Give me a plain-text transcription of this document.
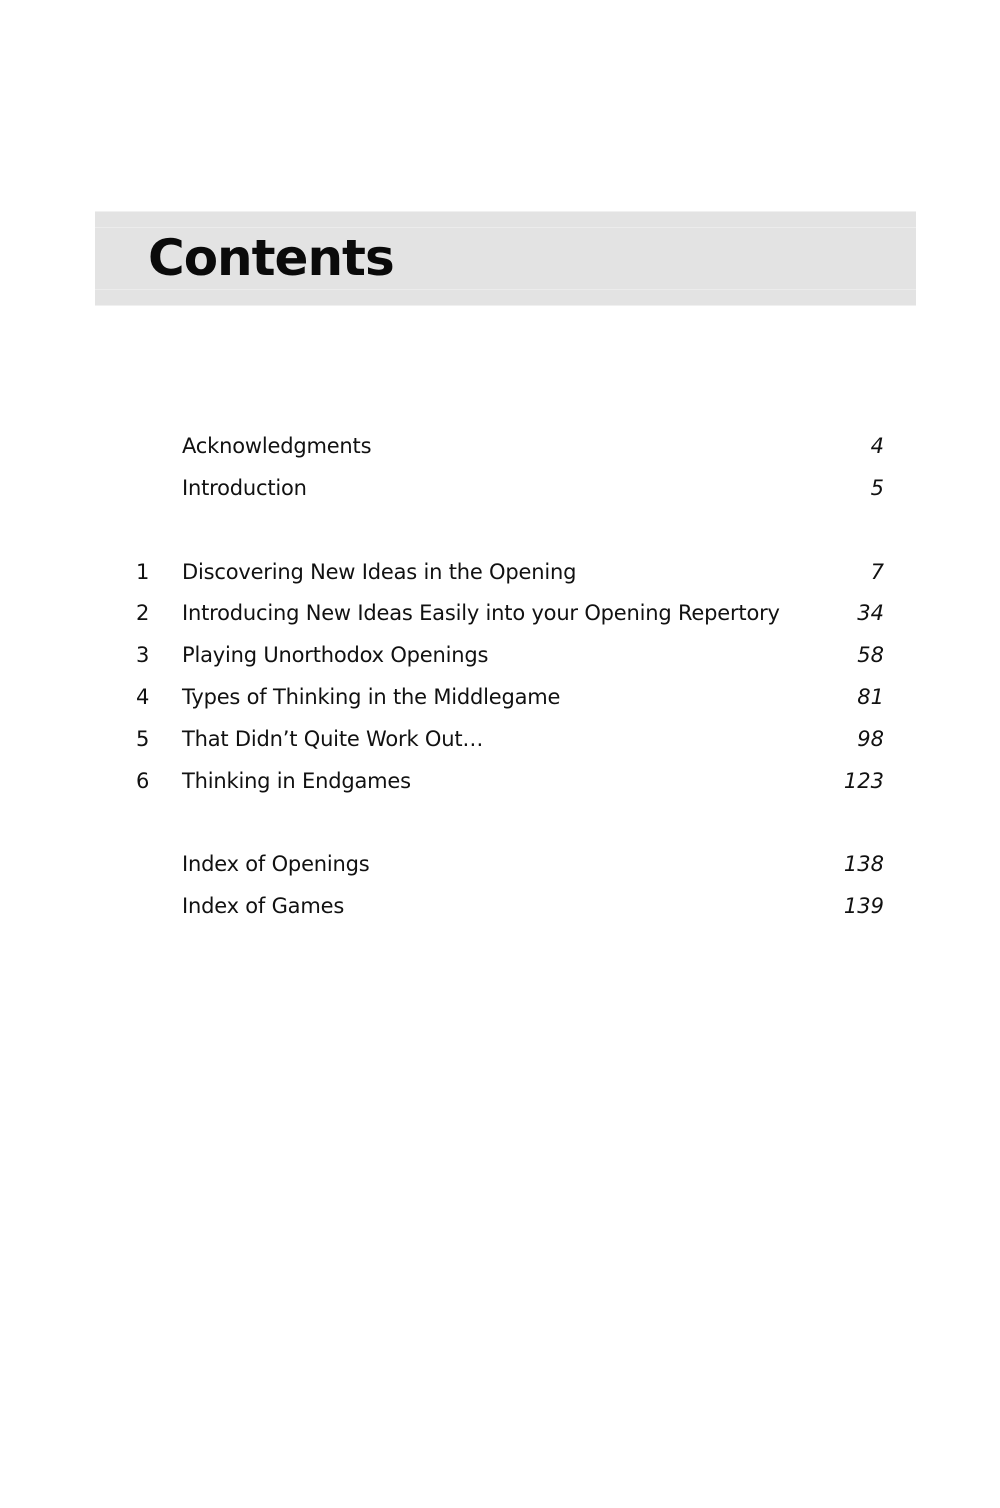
Contents
Acknowledgments	4
Introduction	5
1	Discovering New Ideas in the Opening	7
2	Introducing New Ideas Easily into your Opening Repertory	34
3	Playing Unorthodox Openings	58
4	Types of Thinking in the Middlegame	81
5	That Didn’t Quite Work Out…	98
6	Thinking in Endgames	123
Index of Openings	138
Index of Games	139
